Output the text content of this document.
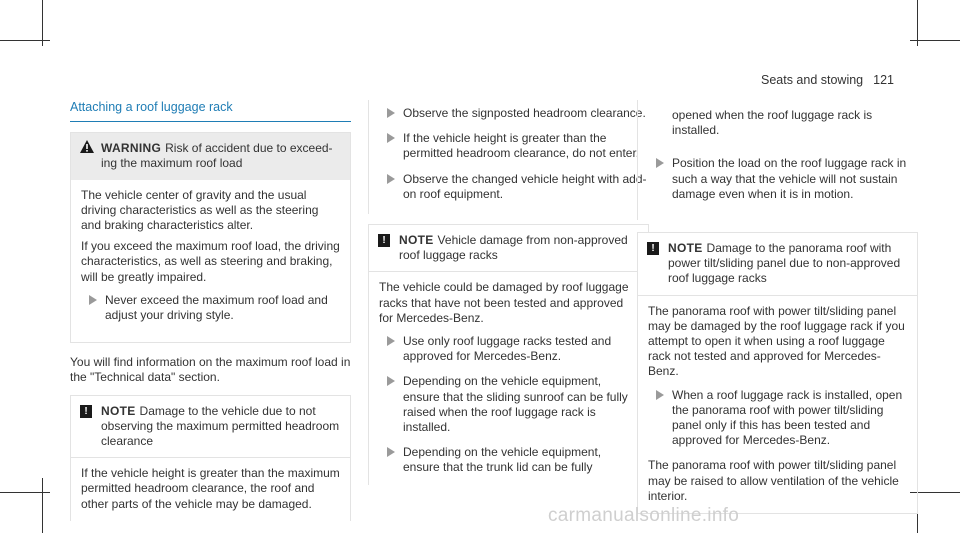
Seats and stowing 121
Attaching a roof luggage rack
WARNING Risk of accident due to exceeding the maximum roof load

The vehicle center of gravity and the usual driving characteristics as well as the steering and braking characteristics alter.

If you exceed the maximum roof load, the driving characteristics, as well as steering and braking, will be greatly impaired.

Never exceed the maximum roof load and adjust your driving style.

You will find information on the maximum roof load in the "Technical data" section.

!	NOTE Damage to the vehicle due to not observing the maximum permitted headroom clearance

If the vehicle height is greater than the maximum permitted headroom clearance, the roof and other parts of the vehicle may be damaged.

Observe the signposted headroom clearance.
If the vehicle height is greater than the permitted headroom clearance, do not enter.
Observe the changed vehicle height with add-on roof equipment.
!	NOTE Vehicle damage from non-approved roof luggage racks

The vehicle could be damaged by roof luggage racks that have not been tested and approved for Mercedes-Benz.

Use only roof luggage racks tested and approved for Mercedes-Benz.
Depending on the vehicle equipment, ensure that the sliding sunroof can be fully raised when the roof luggage rack is installed.
Depending on the vehicle equipment, ensure that the trunk lid can be fully

opened when the roof luggage rack is installed.

Position the load on the roof luggage rack in such a way that the vehicle will not sustain damage even when it is in motion.
!	NOTE Damage to the panorama roof with power tilt/sliding panel due to non-approved roof luggage racks

The panorama roof with power tilt/sliding panel may be damaged by the roof luggage rack if you attempt to open it when using a roof luggage rack not tested and approved for Mercedes-Benz.

When a roof luggage rack is installed, open the panorama roof with power tilt/sliding panel only if this has been tested and approved for Mercedes-Benz.

The panorama roof with power tilt/sliding panel may be raised to allow ventilation of the vehicle interior.

carmanualsonline.info
